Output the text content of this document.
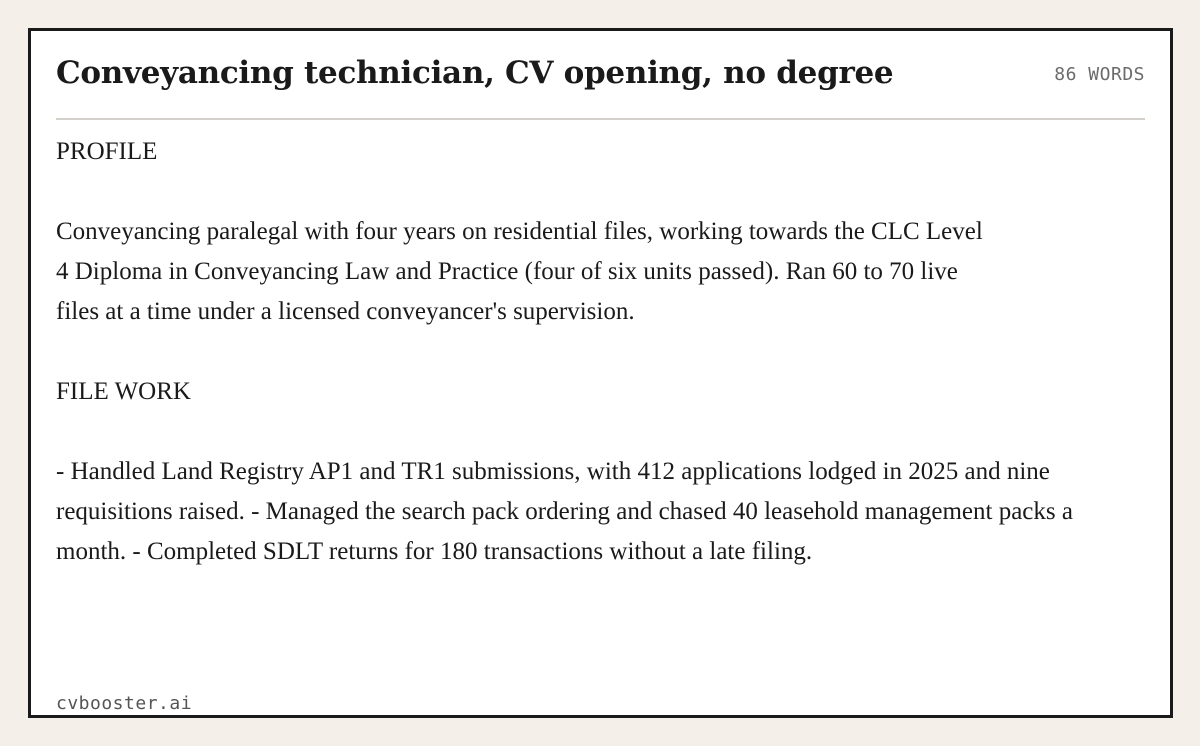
Conveyancing technician, CV opening, no degree	86 WORDS
PROFILE

Conveyancing paralegal with four years on residential files, working towards the CLC Level 4 Diploma in Conveyancing Law and Practice (four of six units passed). Ran 60 to 70 live files at a time under a licensed conveyancer's supervision.

FILE WORK

- Handled Land Registry AP1 and TR1 submissions, with 412 applications lodged in 2025 and nine requisitions raised. - Managed the search pack ordering and chased 40 leasehold management packs a month. - Completed SDLT returns for 180 transactions without a late filing.

cvbooster.ai
